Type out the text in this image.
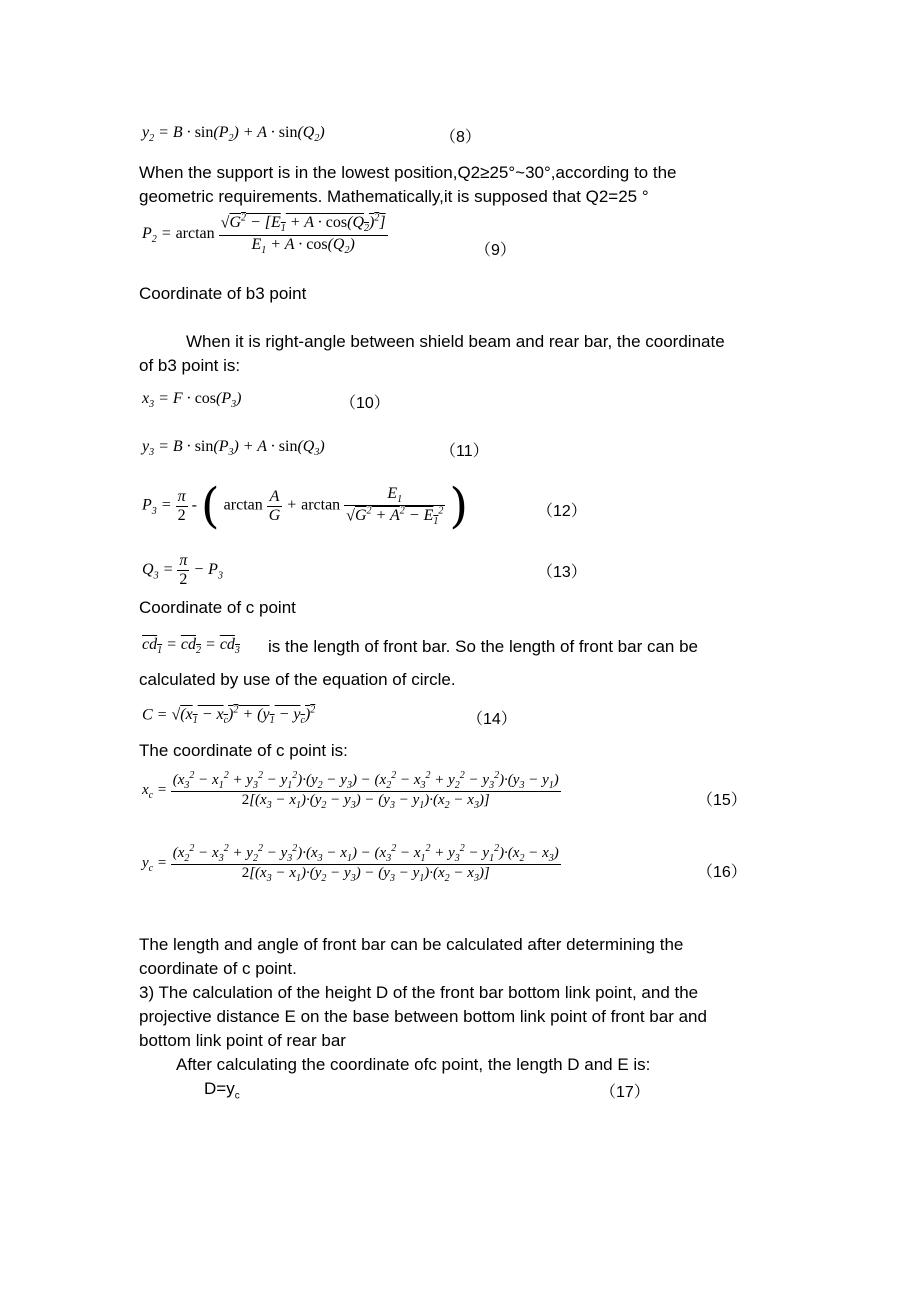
$y_2 = B \cdot \sin(P_2) + A \cdot \sin(Q_2)$	（8）
When the support is in the lowest position,Q2≥25°~30°,according to the
geometric requirements. Mathematically,it is supposed that Q2=25 °
$P_2 = \arctan \frac{√G^2 - [E_1 + A \cdot \cos(Q_2)^2]}{E_1 + A \cdot \cos(Q_2)}$	（9）
Coordinate of b3 point
When it is right-angle between shield beam and rear bar, the coordinate
of b3 point is:
$x_3 = F \cdot \cos(P_3)$	（10）
$y_3 = B \cdot \sin(P_3) + A \cdot \sin(Q_3)$	（11）
$P_3 = \frac{\pi}{2}$ - ( $\arctan \frac{A}{G} + \arctan \frac{E_1}{√G^2 + A^2 - E_1^2}$ )	（12）
$Q_3 = \frac{\pi}{2} - P_3$	（13）
Coordinate of c point
$cd_1 = cd_2 = cd_3$ is the length of front bar. So the length of front bar can be
calculated by use of the equation of circle.
$C = √(x_1 - x_c)^2 + (y_1 - y_c)^2$
（14）
The coordinate of c point is:
$x_c$ =
$(x_3^2 - x_1^2 + y_3^2 - y_1^2)\cdot(y_2 - y_3) - (x_2^2 - x_3^2 + y_2^2 - y_3^2)\cdot(y_3 - y_1)$
$2[(x_3 - x_1)\cdot(y_2 - y_3) - (y_3 - y_1)\cdot(x_2 - x_3)]$	（15）
$y_c$ =
$(x_2^2 - x_3^2 + y_2^2 - y_3^2)\cdot(x_3 - x_1) - (x_3^2 - x_1^2 + y_3^2 - y_1^2)\cdot(x_2 - x_3)$
$2[(x_3 - x_1)\cdot(y_2 - y_3) - (y_3 - y_1)\cdot(x_2 - x_3)]$	（16）
The length and angle of front bar can be calculated after determining the
coordinate of c point.
3) The calculation of the height D of the front bar bottom link point, and the
projective distance E on the base between bottom link point of front bar and
bottom link point of rear bar
After calculating the coordinate ofc point, the length D and E is:
$D=y_c$	（17）
